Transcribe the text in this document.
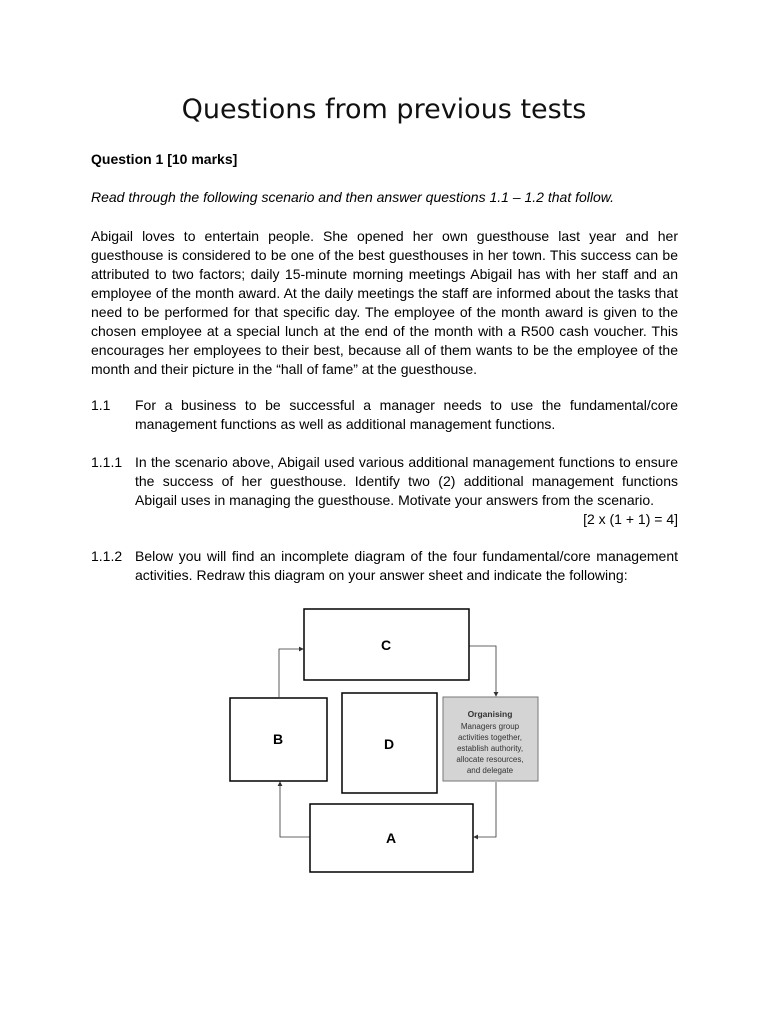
Questions from previous tests

Question 1 [10 marks]

Read through the following scenario and then answer questions 1.1 – 1.2 that follow.

Abigail loves to entertain people. She opened her own guesthouse last year and her guesthouse is considered to be one of the best guesthouses in her town. This success can be attributed to two factors; daily 15-minute morning meetings Abigail has with her staff and an employee of the month award. At the daily meetings the staff are informed about the tasks that need to be performed for that specific day. The employee of the month award is given to the chosen employee at a special lunch at the end of the month with a R500 cash voucher. This encourages her employees to their best, because all of them wants to be the employee of the month and their picture in the “hall of fame” at the guesthouse.

1.1 For a business to be successful a manager needs to use the fundamental/core management functions as well as additional management functions.
1.1.1 In the scenario above, Abigail used various additional management functions to ensure the success of her guesthouse. Identify two (2) additional management functions Abigail uses in managing the guesthouse. Motivate your answers from the scenario.
[2 x (1 + 1) = 4]
1.1.2 Below you will find an incomplete diagram of the four fundamental/core management activities. Redraw this diagram on your answer sheet and indicate the following:
C
B	D
Organising
Managers group
activities together,
establish authority,
allocate resources,
and delegate
A
